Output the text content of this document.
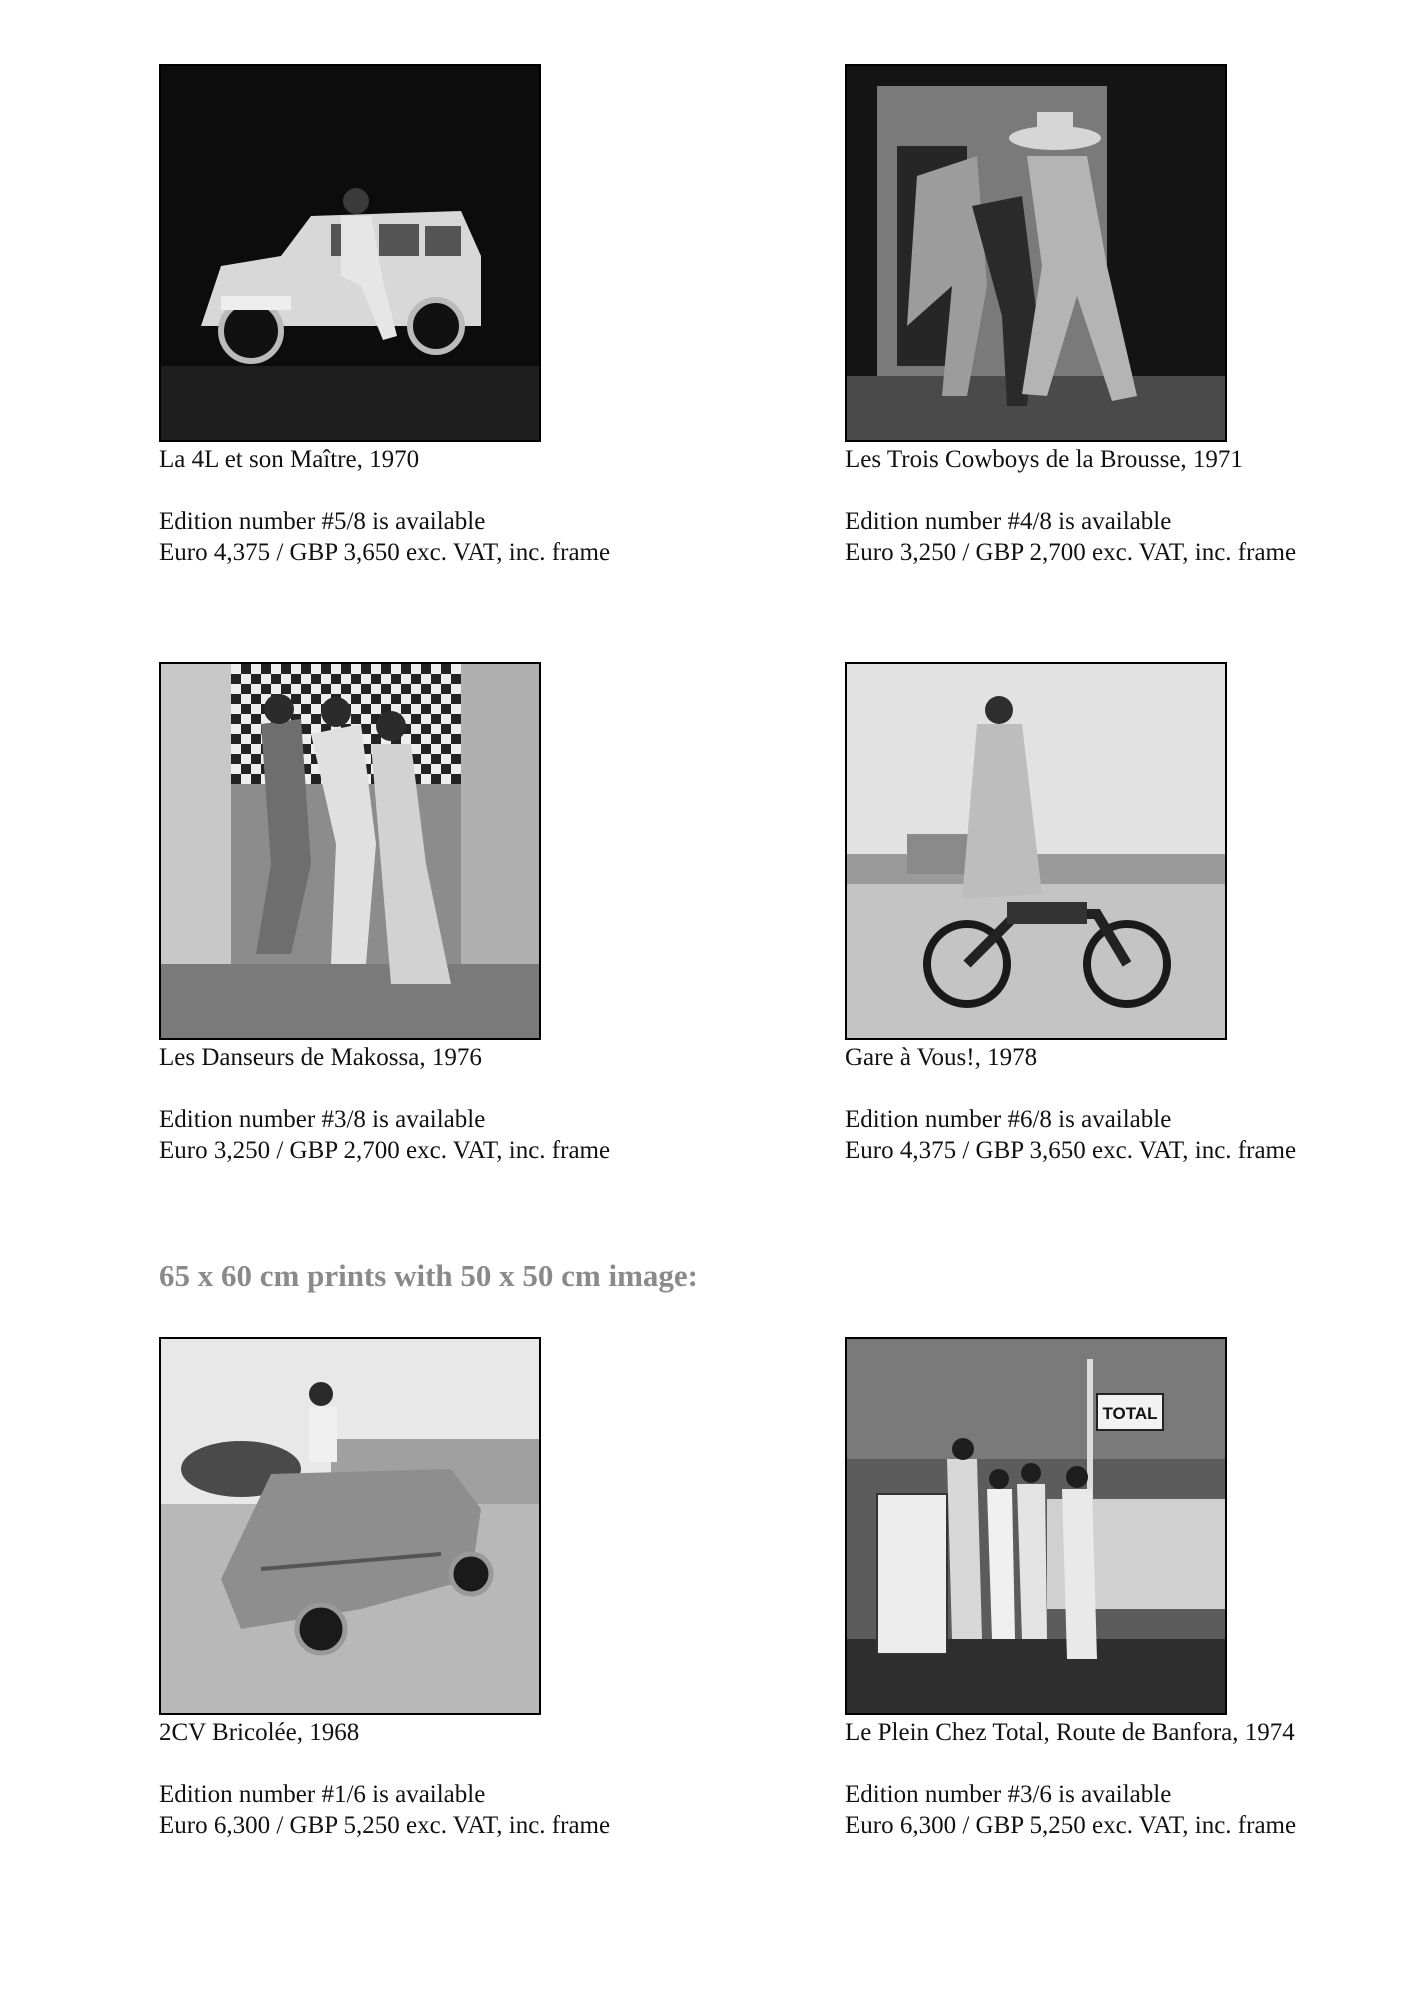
La 4L et son Maître, 1970

Edition number #5/8 is available

Euro 4,375 / GBP 3,650 exc. VAT, inc. frame

Les Trois Cowboys de la Brousse, 1971

Edition number #4/8 is available

Euro 3,250 / GBP 2,700 exc. VAT, inc. frame

Les Danseurs de Makossa, 1976

Edition number #3/8 is available

Euro 3,250 / GBP 2,700 exc. VAT, inc. frame

Gare à Vous!, 1978

Edition number #6/8 is available

Euro 4,375 / GBP 3,650 exc. VAT, inc. frame

65 x 60 cm prints with 50 x 50 cm image:

2CV Bricolée, 1968

Edition number #1/6 is available

Euro 6,300 / GBP 5,250 exc. VAT, inc. frame

TOTAL

Le Plein Chez Total, Route de Banfora, 1974

Edition number #3/6 is available

Euro 6,300 / GBP 5,250 exc. VAT, inc. frame
